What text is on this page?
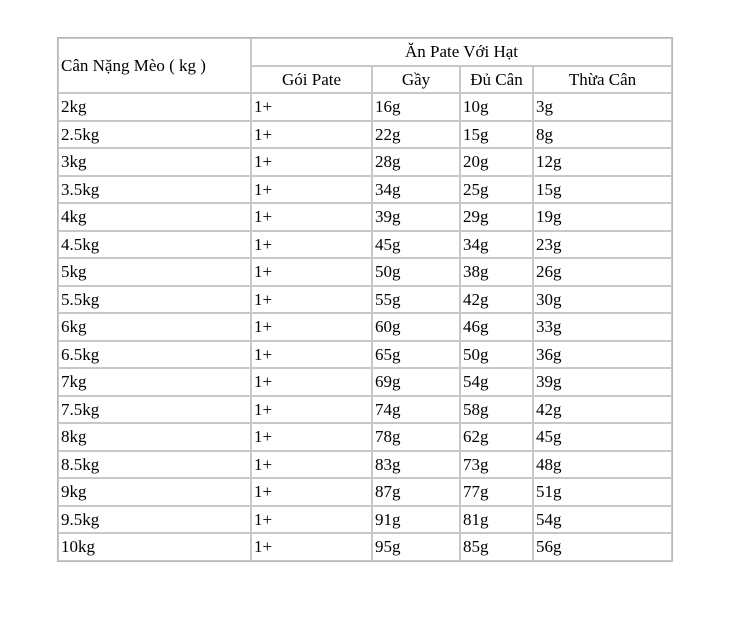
Cân Nặng Mèo ( kg )	Ăn Pate Với Hạt			
	Gói Pate	Gầy	Đủ Cân	Thừa Cân
2kg	1+	16g	10g	3g
2.5kg	1+	22g	15g	8g
3kg	1+	28g	20g	12g
3.5kg	1+	34g	25g	15g
4kg	1+	39g	29g	19g
4.5kg	1+	45g	34g	23g
5kg	1+	50g	38g	26g
5.5kg	1+	55g	42g	30g
6kg	1+	60g	46g	33g
6.5kg	1+	65g	50g	36g
7kg	1+	69g	54g	39g
7.5kg	1+	74g	58g	42g
8kg	1+	78g	62g	45g
8.5kg	1+	83g	73g	48g
9kg	1+	87g	77g	51g
9.5kg	1+	91g	81g	54g
10kg	1+	95g	85g	56g
